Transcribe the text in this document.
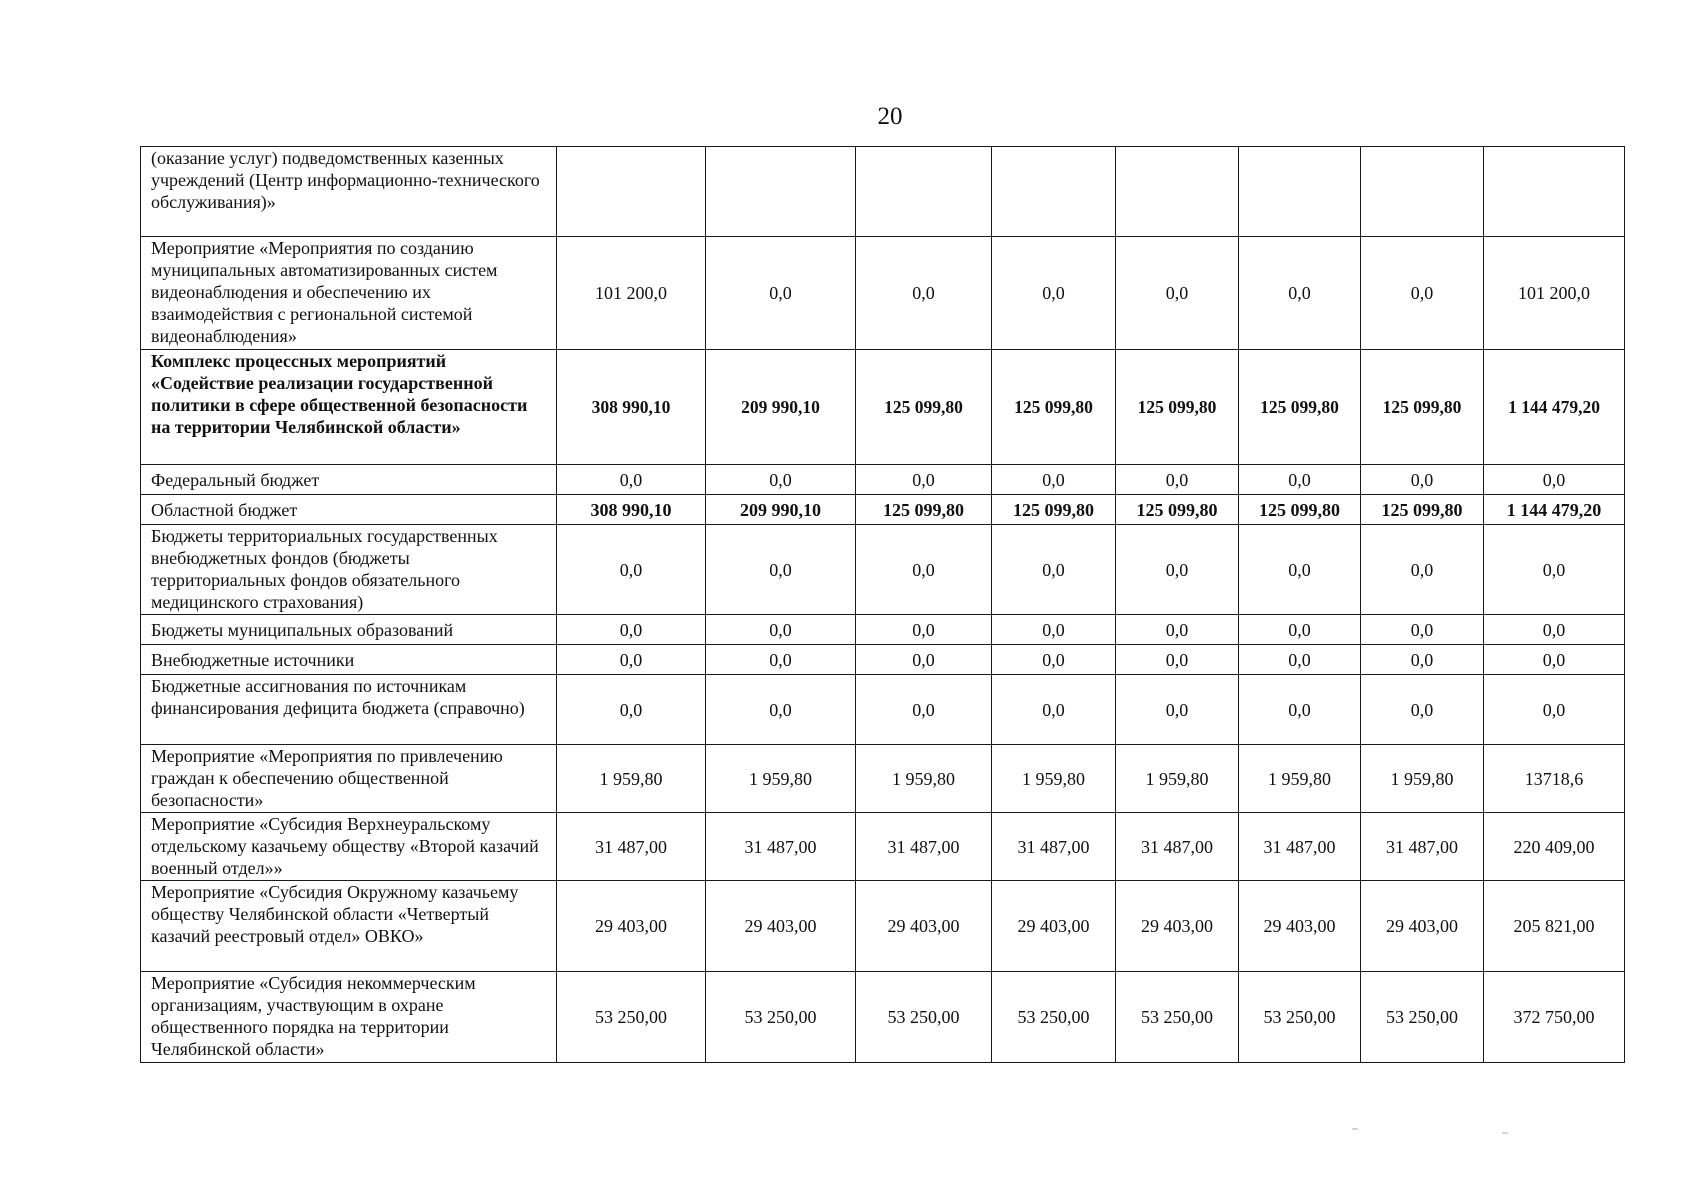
20
(оказание услуг) подведомственных казенных учреждений (Центр информационно-технического обслуживания)»								
Мероприятие «Мероприятия по созданию муниципальных автоматизированных систем видеонаблюдения и обеспечению их взаимодействия с региональной системой видеонаблюдения»	101 200,0	0,0	0,0	0,0	0,0	0,0	0,0	101 200,0
Комплекс процессных мероприятий «Содействие реализации государственной политики в сфере общественной безопасности на территории Челябинской области»	308 990,10	209 990,10	125 099,80	125 099,80	125 099,80	125 099,80	125 099,80	1 144 479,20
Федеральный бюджет	0,0	0,0	0,0	0,0	0,0	0,0	0,0	0,0
Областной бюджет	308 990,10	209 990,10	125 099,80	125 099,80	125 099,80	125 099,80	125 099,80	1 144 479,20
Бюджеты территориальных государственных внебюджетных фондов (бюджеты территориальных фондов обязательного медицинского страхования)	0,0	0,0	0,0	0,0	0,0	0,0	0,0	0,0
Бюджеты муниципальных образований	0,0	0,0	0,0	0,0	0,0	0,0	0,0	0,0
Внебюджетные источники	0,0	0,0	0,0	0,0	0,0	0,0	0,0	0,0
Бюджетные ассигнования по источникам финансирования дефицита бюджета (справочно)	0,0	0,0	0,0	0,0	0,0	0,0	0,0	0,0
Мероприятие «Мероприятия по привлечению граждан к обеспечению общественной безопасности»	1 959,80	1 959,80	1 959,80	1 959,80	1 959,80	1 959,80	1 959,80	13718,6
Мероприятие «Субсидия Верхнеуральскому отдельскому казачьему обществу «Второй казачий военный отдел»»	31 487,00	31 487,00	31 487,00	31 487,00	31 487,00	31 487,00	31 487,00	220 409,00
Мероприятие «Субсидия Окружному казачьему обществу Челябинской области «Четвертый казачий реестровый отдел» ОВКО»	29 403,00	29 403,00	29 403,00	29 403,00	29 403,00	29 403,00	29 403,00	205 821,00
Мероприятие «Субсидия некоммерческим организациям, участвующим в охране общественного порядка на территории Челябинской области»	53 250,00	53 250,00	53 250,00	53 250,00	53 250,00	53 250,00	53 250,00	372 750,00
